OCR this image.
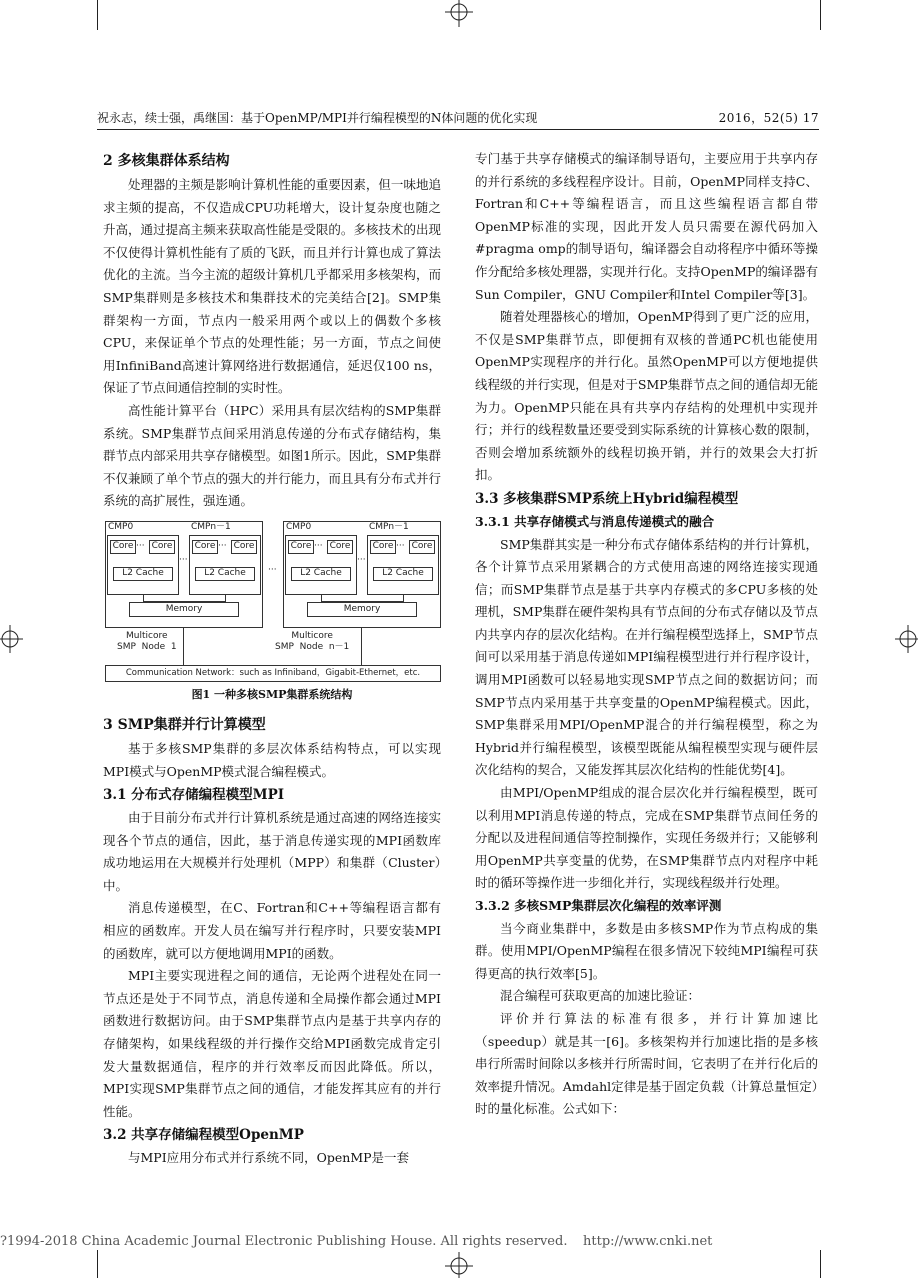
祝永志，续士强，禹继国：基于OpenMP/MPI并行编程模型的N体问题的优化实现	2016，52(5) 17
2 多核集群体系结构

处理器的主频是影响计算机性能的重要因素，但一味地追求主频的提高，不仅造成CPU功耗增大，设计复杂度也随之升高，通过提高主频来获取高性能是受限的。多核技术的出现不仅使得计算机性能有了质的飞跃，而且并行计算也成了算法优化的主流。当今主流的超级计算机几乎都采用多核架构，而SMP集群则是多核技术和集群技术的完美结合[2]。SMP集群架构一方面，节点内一般采用两个或以上的偶数个多核CPU，来保证单个节点的处理性能；另一方面，节点之间使用InfiniBand高速计算网络进行数据通信，延迟仅100 ns，保证了节点间通信控制的实时性。

高性能计算平台（HPC）采用具有层次结构的SMP集群系统。SMP集群节点间采用消息传递的分布式存储结构，集群节点内部采用共享存储模型。如图1所示。因此，SMP集群不仅兼顾了单个节点的强大的并行能力，而且具有分布式并行系统的高扩展性，强连通。

CMP0	CMPn－1
Core ··· Core
L2 Cache
···
Core ··· Core
L2 Cache
Memory
···
CMP0	CMPn－1
Core ··· Core
L2 Cache
···
Core ··· Core
L2 Cache
Memory
Multicore
SMP  Node  1
Multicore
SMP  Node  n－1
Communication Network：such as Infiniband，Gigabit-Ethernet，etc.
图1 一种多核SMP集群系统结构
3 SMP集群并行计算模型

基于多核SMP集群的多层次体系结构特点，可以实现MPI模式与OpenMP模式混合编程模式。

3.1 分布式存储编程模型MPI

由于目前分布式并行计算机系统是通过高速的网络连接实现各个节点的通信，因此，基于消息传递实现的MPI函数库成功地运用在大规模并行处理机（MPP）和集群（Cluster）中。

消息传递模型，在C、Fortran和C++等编程语言都有相应的函数库。开发人员在编写并行程序时，只要安装MPI的函数库，就可以方便地调用MPI的函数。

MPI主要实现进程之间的通信，无论两个进程处在同一节点还是处于不同节点，消息传递和全局操作都会通过MPI函数进行数据访问。由于SMP集群节点内是基于共享内存的存储架构，如果线程级的并行操作交给MPI函数完成肯定引发大量数据通信，程序的并行效率反而因此降低。所以，MPI实现SMP集群节点之间的通信，才能发挥其应有的并行性能。

3.2 共享存储编程模型OpenMP

与MPI应用分布式并行系统不同，OpenMP是一套

专门基于共享存储模式的编译制导语句，主要应用于共享内存的并行系统的多线程程序设计。目前，OpenMP同样支持C、Fortran和C++等编程语言，而且这些编程语言都自带OpenMP标准的实现，因此开发人员只需要在源代码加入#pragma omp的制导语句，编译器会自动将程序中循环等操作分配给多核处理器，实现并行化。支持OpenMP的编译器有Sun Compiler，GNU Compiler和Intel Compiler等[3]。

随着处理器核心的增加，OpenMP得到了更广泛的应用，不仅是SMP集群节点，即便拥有双核的普通PC机也能使用OpenMP实现程序的并行化。虽然OpenMP可以方便地提供线程级的并行实现，但是对于SMP集群节点之间的通信却无能为力。OpenMP只能在具有共享内存结构的处理机中实现并行；并行的线程数量还要受到实际系统的计算核心数的限制，否则会增加系统额外的线程切换开销，并行的效果会大打折扣。

3.3 多核集群SMP系统上Hybrid编程模型
3.3.1 共享存储模式与消息传递模式的融合

SMP集群其实是一种分布式存储体系结构的并行计算机，各个计算节点采用紧耦合的方式使用高速的网络连接实现通信；而SMP集群节点是基于共享内存模式的多CPU多核的处理机，SMP集群在硬件架构具有节点间的分布式存储以及节点内共享内存的层次化结构。在并行编程模型选择上，SMP节点间可以采用基于消息传递如MPI编程模型进行并行程序设计，调用MPI函数可以轻易地实现SMP节点之间的数据访问；而SMP节点内采用基于共享变量的OpenMP编程模式。因此，SMP集群采用MPI/OpenMP混合的并行编程模型，称之为Hybrid并行编程模型，该模型既能从编程模型实现与硬件层次化结构的契合，又能发挥其层次化结构的性能优势[4]。

由MPI/OpenMP组成的混合层次化并行编程模型，既可以利用MPI消息传递的特点，完成在SMP集群节点间任务的分配以及进程间通信等控制操作，实现任务级并行；又能够利用OpenMP共享变量的优势，在SMP集群节点内对程序中耗时的循环等操作进一步细化并行，实现线程级并行处理。

3.3.2 多核SMP集群层次化编程的效率评测

当今商业集群中，多数是由多核SMP作为节点构成的集群。使用MPI/OpenMP编程在很多情况下较纯MPI编程可获得更高的执行效率[5]。

混合编程可获取更高的加速比验证：

评价并行算法的标准有很多，并行计算加速比（speedup）就是其一[6]。多核架构并行加速比指的是多核串行所需时间除以多核并行所需时间，它表明了在并行化后的效率提升情况。Amdahl定律是基于固定负载（计算总量恒定）时的量化标准。公式如下：

?1994-2018 China Academic Journal Electronic Publishing House. All rights reserved. http://www.cnki.net
